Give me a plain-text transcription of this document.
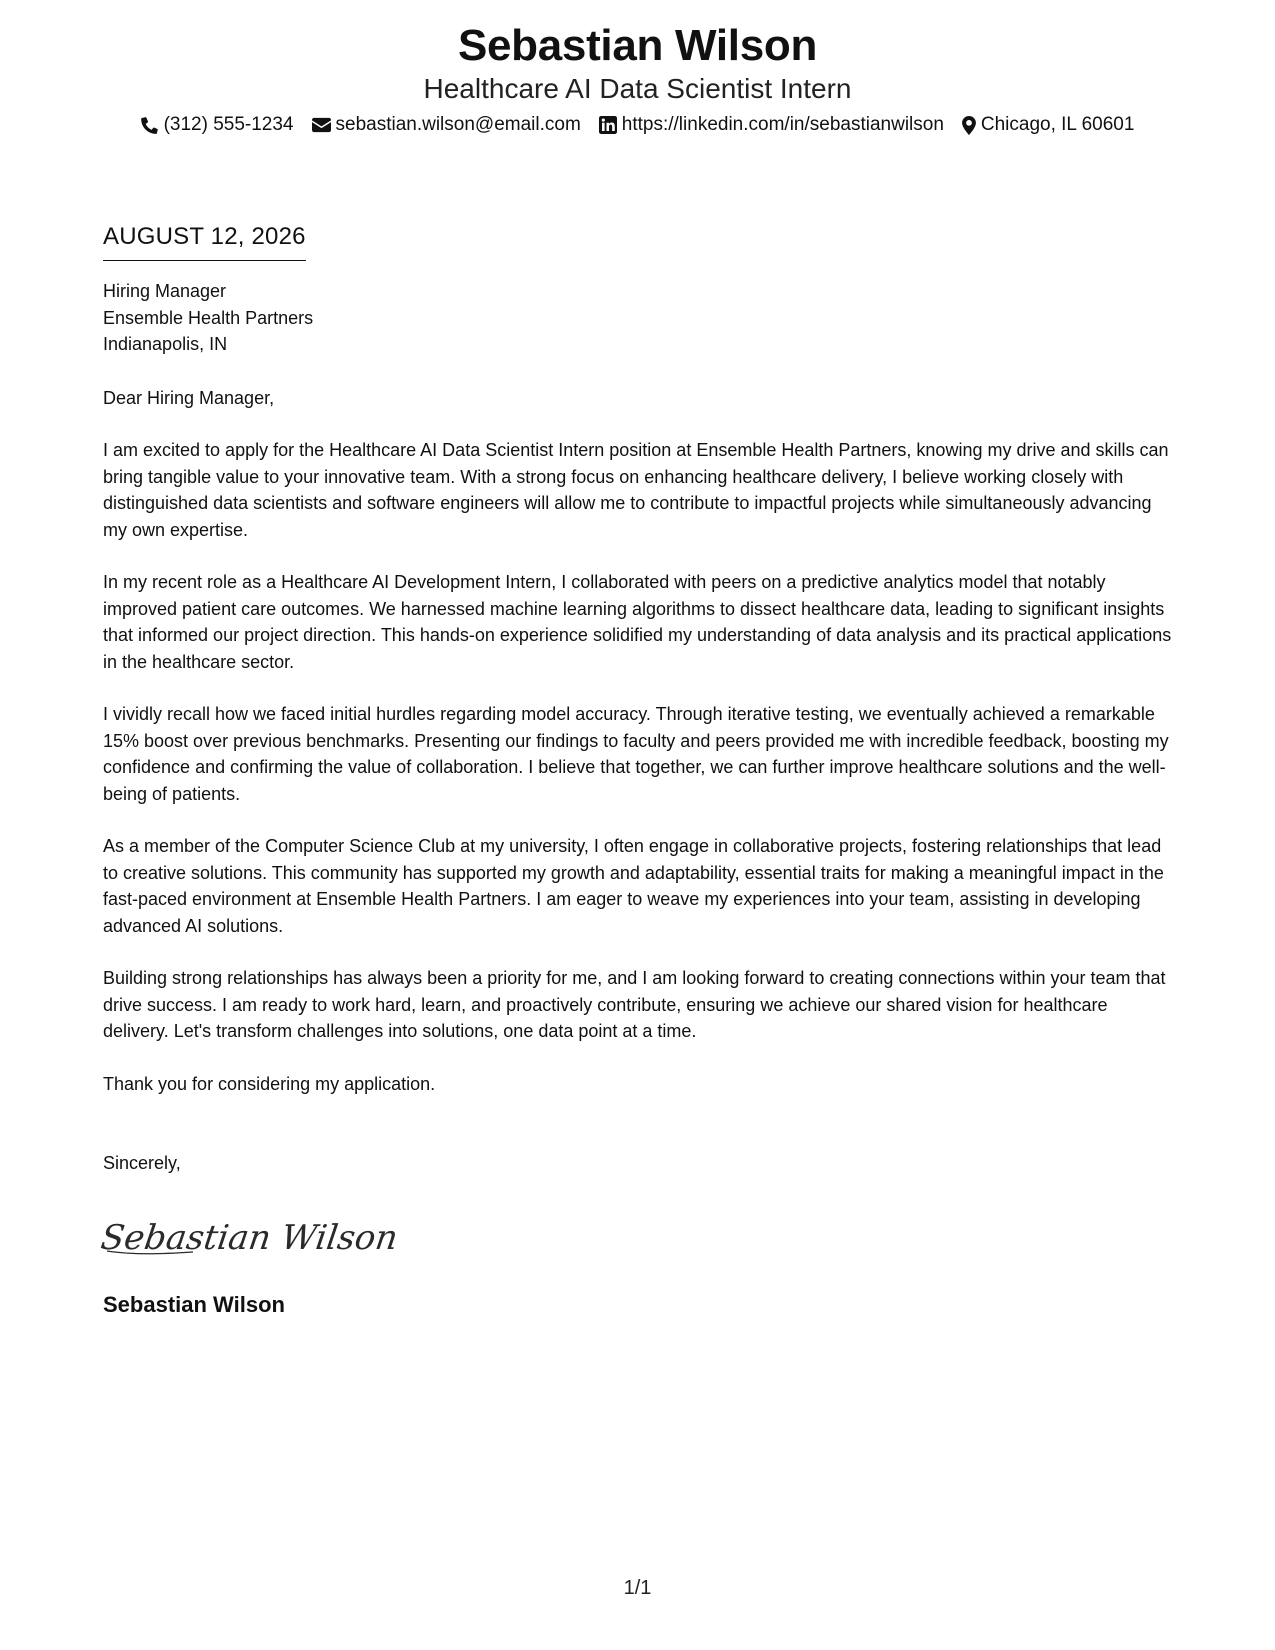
Sebastian Wilson
Healthcare AI Data Scientist Intern
(312) 555-1234 sebastian.wilson@email.com https://linkedin.com/in/sebastianwilson Chicago, IL 60601
AUGUST 12, 2026
Hiring Manager
Ensemble Health Partners
Indianapolis, IN
Dear Hiring Manager,
I am excited to apply for the Healthcare AI Data Scientist Intern position at Ensemble Health Partners, knowing my drive and skills can bring tangible value to your innovative team. With a strong focus on enhancing healthcare delivery, I believe working closely with distinguished data scientists and software engineers will allow me to contribute to impactful projects while simultaneously advancing my own expertise.
In my recent role as a Healthcare AI Development Intern, I collaborated with peers on a predictive analytics model that notably improved patient care outcomes. We harnessed machine learning algorithms to dissect healthcare data, leading to significant insights that informed our project direction. This hands-on experience solidified my understanding of data analysis and its practical applications in the healthcare sector.
I vividly recall how we faced initial hurdles regarding model accuracy. Through iterative testing, we eventually achieved a remarkable 15% boost over previous benchmarks. Presenting our findings to faculty and peers provided me with incredible feedback, boosting my confidence and confirming the value of collaboration. I believe that together, we can further improve healthcare solutions and the well-being of patients.
As a member of the Computer Science Club at my university, I often engage in collaborative projects, fostering relationships that lead to creative solutions. This community has supported my growth and adaptability, essential traits for making a meaningful impact in the fast-paced environment at Ensemble Health Partners. I am eager to weave my experiences into your team, assisting in developing advanced AI solutions.
Building strong relationships has always been a priority for me, and I am looking forward to creating connections within your team that drive success. I am ready to work hard, learn, and proactively contribute, ensuring we achieve our shared vision for healthcare delivery. Let's transform challenges into solutions, one data point at a time.
Thank you for considering my application.
Sincerely,
Sebastian Wilson
Sebastian Wilson
1/1
